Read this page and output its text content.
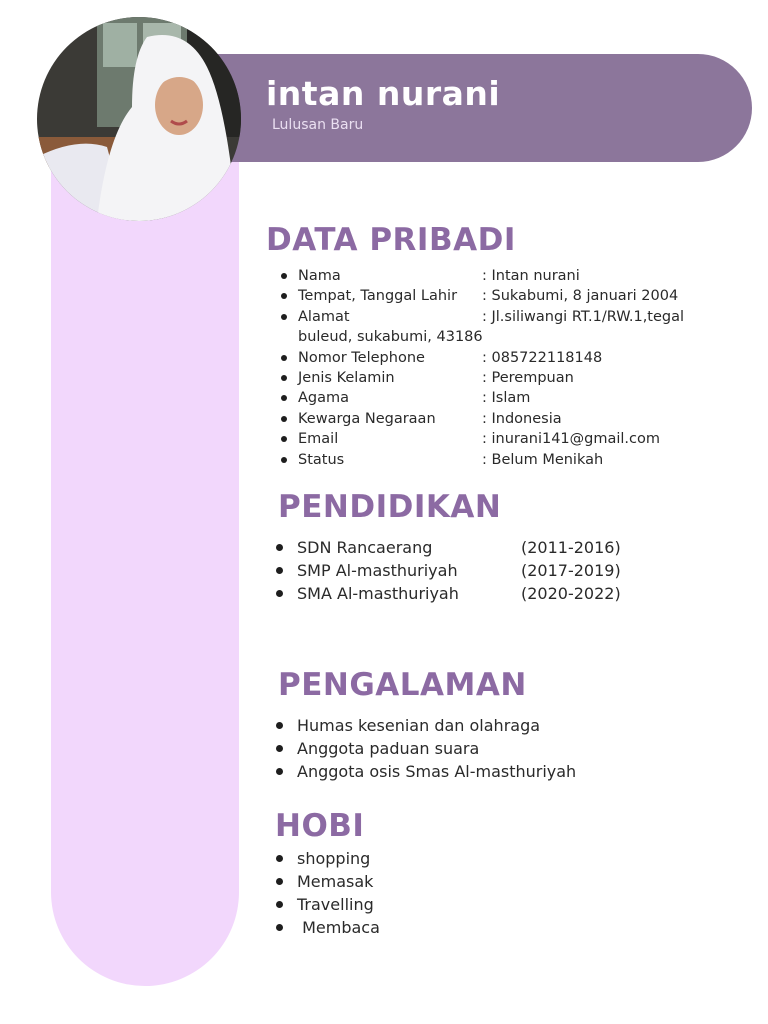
intan nurani
Lulusan Baru
DATA PRIBADI
Nama	: Intan nurani
Tempat, Tanggal Lahir : Sukabumi, 8 januari 2004
Alamat	: Jl.siliwangi RT.1/RW.1,tegal
buleud, sukabumi, 43186
Nomor Telephone	: 085722118148
Jenis Kelamin	: Perempuan
Agama	: Islam
Kewarga Negaraan	: Indonesia
Email	: inurani141@gmail.com
Status	: Belum Menikah
PENDIDIKAN
SDN Rancaerang	(2011-2016)
SMP Al-masthuriyah	(2017-2019)
SMA Al-masthuriyah	(2020-2022)
PENGALAMAN
Humas kesenian dan olahraga
Anggota paduan suara
Anggota osis Smas Al-masthuriyah
HOBI
shopping
Memasak
Travelling
Membaca
